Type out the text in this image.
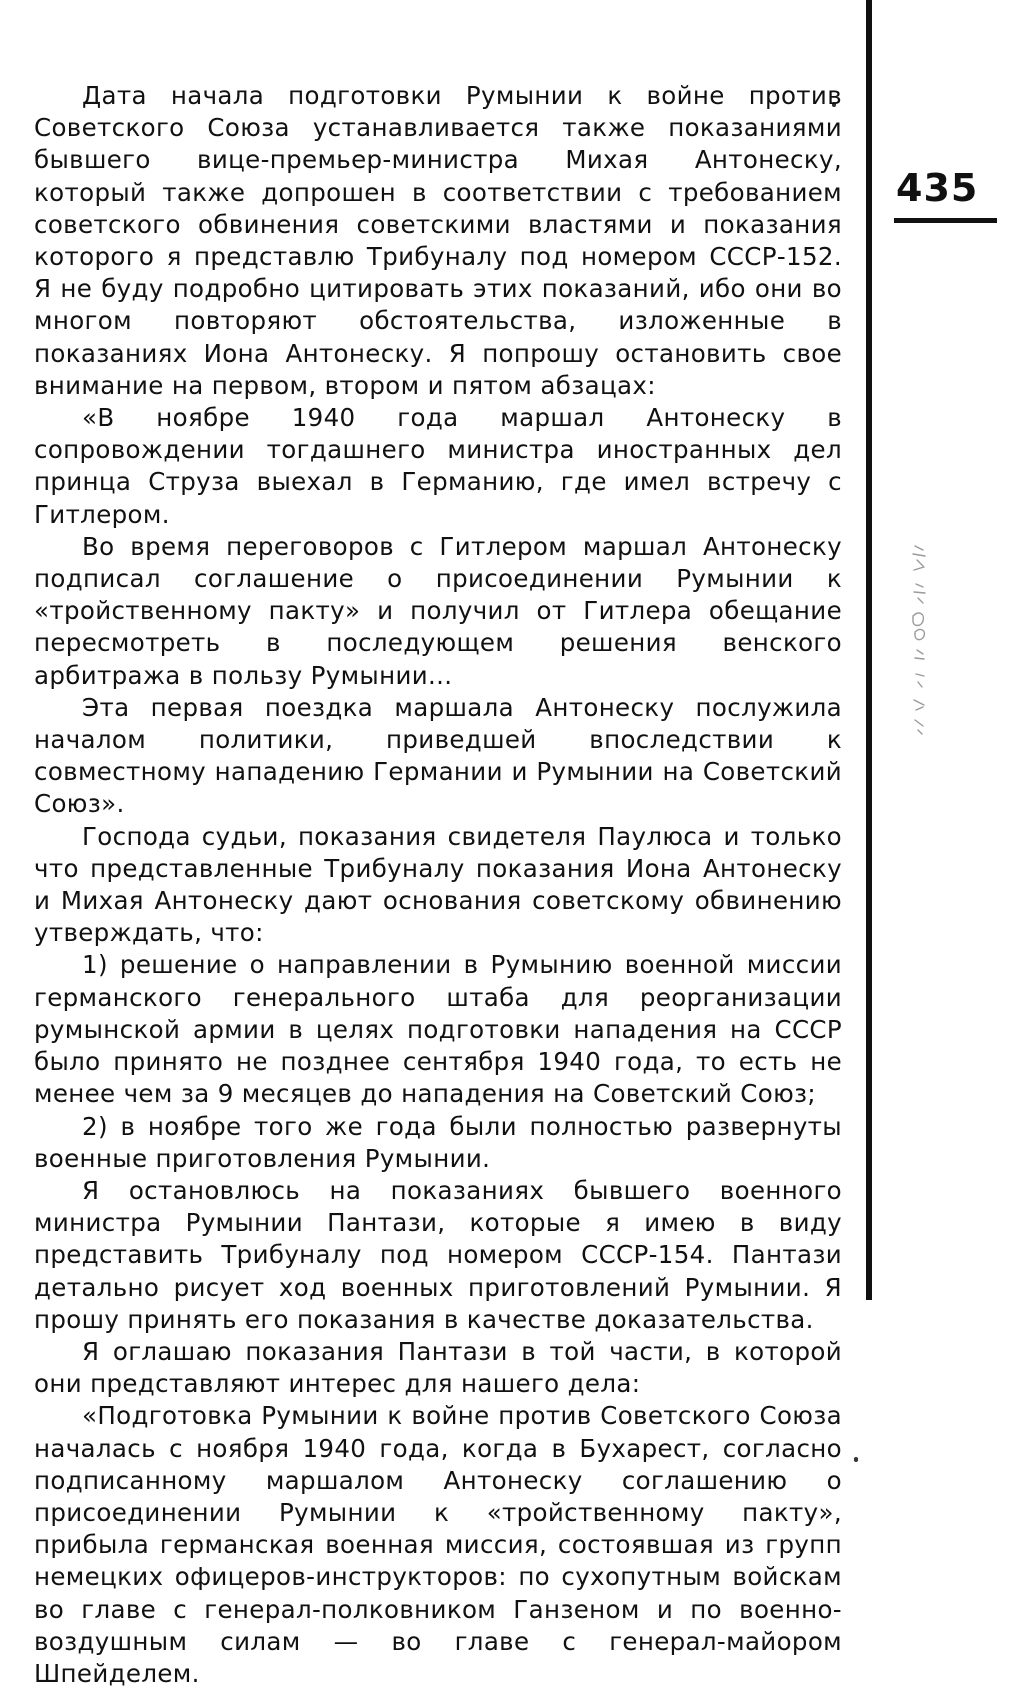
435

Дата начала подготовки Румынии к войне против Советского Союза устанавливается также показаниями бывшего вице-премьер-министра Михая Антонеску, который также допрошен в соответствии с требованием советского обвинения советскими властями и показания которого я представлю Трибуналу под номером СССР-152. Я не буду подробно цитировать этих показаний, ибо они во многом повторяют обстоятельства, изложенные в показаниях Иона Антонеску. Я попрошу остановить свое внимание на первом, втором и пятом абзацах:

«В ноябре 1940 года маршал Антонеску в сопровождении тогдашнего министра иностранных дел принца Струза выехал в Германию, где имел встречу с Гитлером.

Во время переговоров с Гитлером маршал Антонеску подписал соглашение о присоединении Румынии к «тройственному пакту» и получил от Гитлера обещание пересмотреть в последующем решения венского арбитража в пользу Румынии...

Эта первая поездка маршала Антонеску послужила началом политики, приведшей впоследствии к совместному нападению Германии и Румынии на Советский Союз».

Господа судьи, показания свидетеля Паулюса и только что представленные Трибуналу показания Иона Антонеску и Михая Антонеску дают основания советскому обвинению утверждать, что:

1) решение о направлении в Румынию военной миссии германского генерального штаба для реорганизации румынской армии в целях подготовки нападения на СССР было принято не позднее сентября 1940 года, то есть не менее чем за 9 месяцев до нападения на Советский Союз;

2) в ноябре того же года были полностью развернуты военные приготовления Румынии.

Я остановлюсь на показаниях бывшего военного министра Румынии Пантази, которые я имею в виду представить Трибуналу под номером СССР-154. Пантази детально рисует ход военных приготовлений Румынии. Я прошу принять его показания в качестве доказательства.

Я оглашаю показания Пантази в той части, в которой они представляют интерес для нашего дела:

«Подготовка Румынии к войне против Советского Союза началась с ноября 1940 года, когда в Бухарест, согласно подписанному маршалом Антонеску соглашению о присоединении Румынии к «тройственному пакту», прибыла германская военная миссия, состоявшая из групп немецких офицеров-инструкторов: по сухопутным войскам во главе с генерал-полковником Ганзеном и по военно-воздушным силам — во главе с генерал-майором Шпейделем.
